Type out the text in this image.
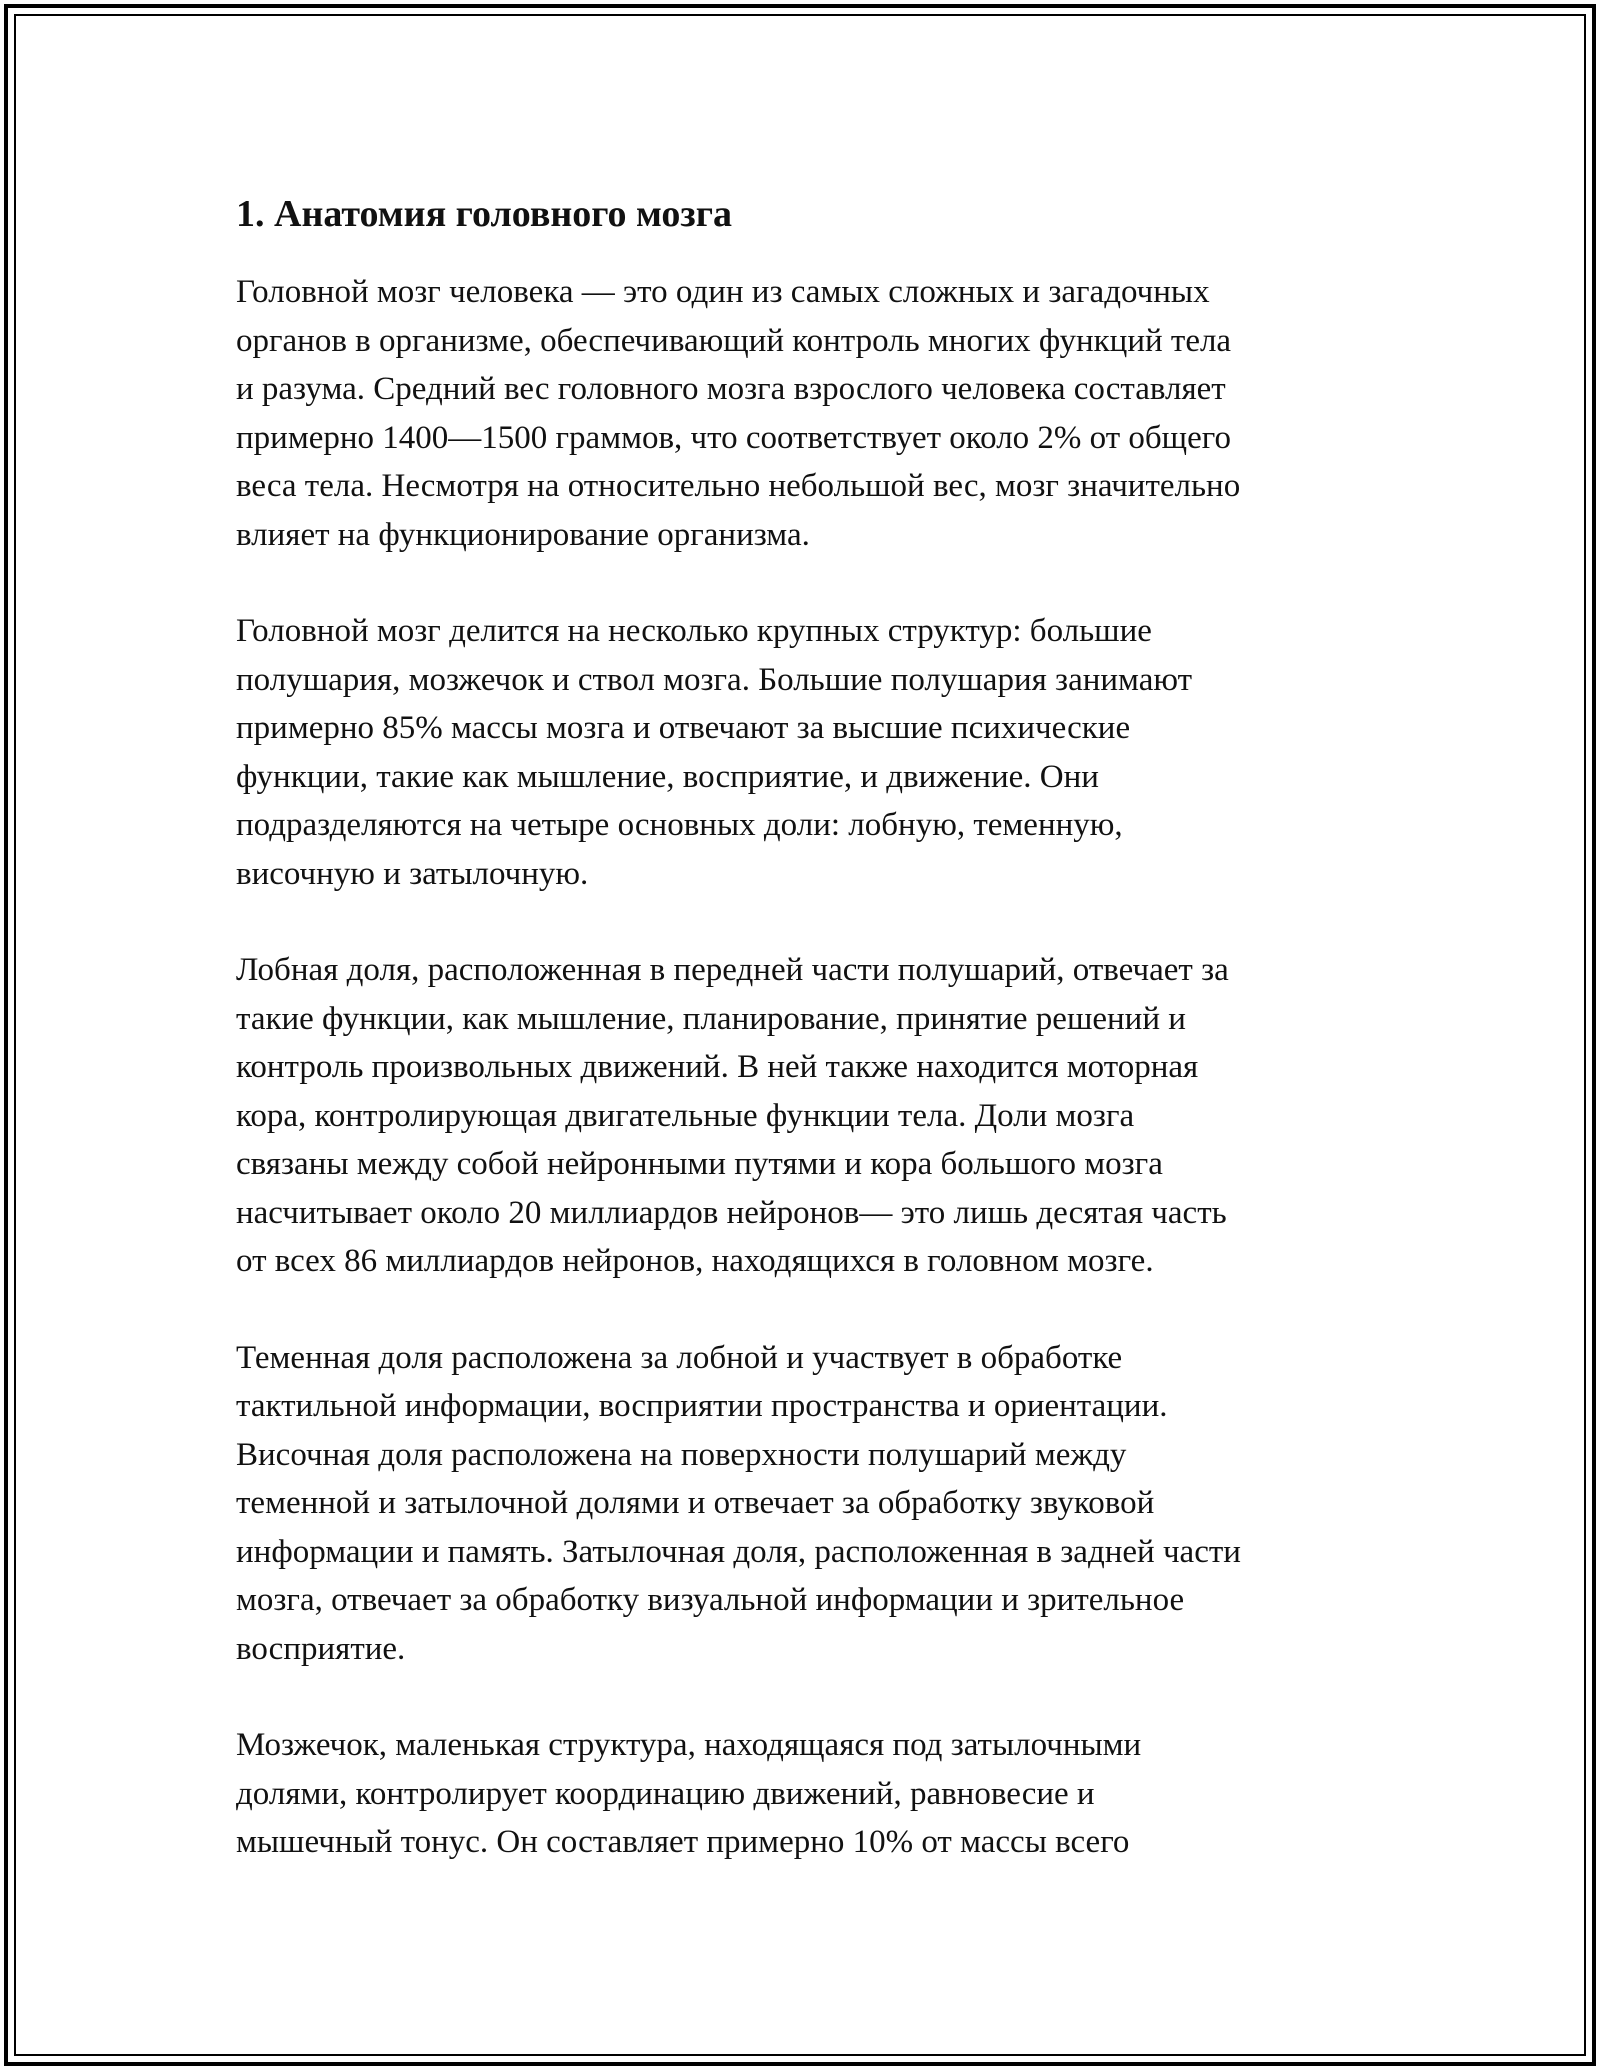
1. Анатомия головного мозга

Головной мозг человека — это один из самых сложных и загадочных
органов в организме, обеспечивающий контроль многих функций тела
и разума. Средний вес головного мозга взрослого человека составляет
примерно 1400—1500 граммов, что соответствует около 2% от общего
веса тела. Несмотря на относительно небольшой вес, мозг значительно
влияет на функционирование организма.

Головной мозг делится на несколько крупных структур: большие
полушария, мозжечок и ствол мозга. Большие полушария занимают
примерно 85% массы мозга и отвечают за высшие психические
функции, такие как мышление, восприятие, и движение. Они
подразделяются на четыре основных доли: лобную, теменную,
височную и затылочную.

Лобная доля, расположенная в передней части полушарий, отвечает за
такие функции, как мышление, планирование, принятие решений и
контроль произвольных движений. В ней также находится моторная
кора, контролирующая двигательные функции тела. Доли мозга
связаны между собой нейронными путями и кора большого мозга
насчитывает около 20 миллиардов нейронов— это лишь десятая часть
от всех 86 миллиардов нейронов, находящихся в головном мозге.

Теменная доля расположена за лобной и участвует в обработке
тактильной информации, восприятии пространства и ориентации.
Височная доля расположена на поверхности полушарий между
теменной и затылочной долями и отвечает за обработку звуковой
информации и память. Затылочная доля, расположенная в задней части
мозга, отвечает за обработку визуальной информации и зрительное
восприятие.

Мозжечок, маленькая структура, находящаяся под затылочными
долями, контролирует координацию движений, равновесие и
мышечный тонус. Он составляет примерно 10% от массы всего
